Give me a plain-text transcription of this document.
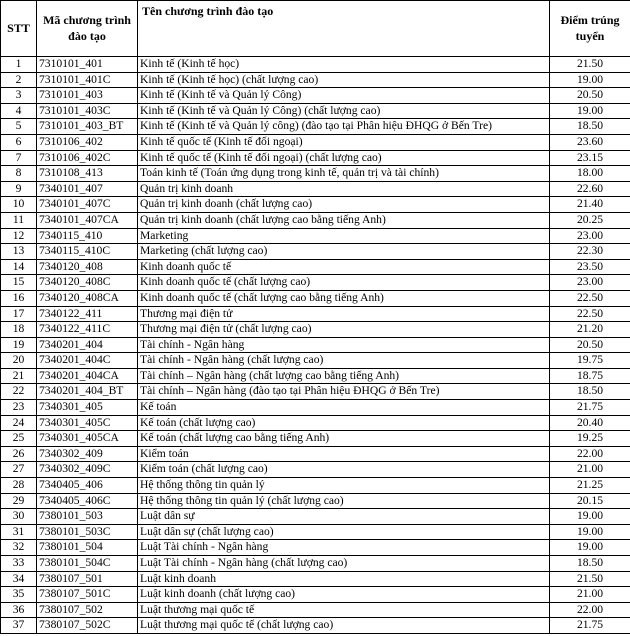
STT	Mã chương trình đào tạo	Tên chương trình đào tạo	Điểm trúng tuyển
1	7310101_401	Kinh tế (Kinh tế học)	21.50
2	7310101_401C	Kinh tế (Kinh tế học) (chất lượng cao)	19.00
3	7310101_403	Kinh tế (Kinh tế và Quản lý Công)	20.50
4	7310101_403C	Kinh tế (Kinh tế và Quản lý Công) (chất lượng cao)	19.00
5	7310101_403_BT	Kinh tế (Kinh tế và Quản lý công) (đào tạo tại Phân hiệu ĐHQG ở Bến Tre)	18.50
6	7310106_402	Kinh tế quốc tế (Kinh tế đối ngoại)	23.60
7	7310106_402C	Kinh tế quốc tế (Kinh tế đối ngoại) (chất lượng cao)	23.15
8	7310108_413	Toán kinh tế (Toán ứng dụng trong kinh tế, quản trị và tài chính)	18.00
9	7340101_407	Quản trị kinh doanh	22.60
10	7340101_407C	Quản trị kinh doanh (chất lượng cao)	21.40
11	7340101_407CA	Quản trị kinh doanh (chất lượng cao bằng tiếng Anh)	20.25
12	7340115_410	Marketing	23.00
13	7340115_410C	Marketing (chất lượng cao)	22.30
14	7340120_408	Kinh doanh quốc tế	23.50
15	7340120_408C	Kinh doanh quốc tế (chất lượng cao)	23.00
16	7340120_408CA	Kinh doanh quốc tế (chất lượng cao bằng tiếng Anh)	22.50
17	7340122_411	Thương mại điện tử	22.50
18	7340122_411C	Thương mại điện tử (chất lượng cao)	21.20
19	7340201_404	Tài chính - Ngân hàng	20.50
20	7340201_404C	Tài chính - Ngân hàng (chất lượng cao)	19.75
21	7340201_404CA	Tài chính – Ngân hàng (chất lượng cao bằng tiếng Anh)	18.75
22	7340201_404_BT	Tài chính – Ngân hàng (đào tạo tại Phân hiệu ĐHQG ở Bến Tre)	18.50
23	7340301_405	Kế toán	21.75
24	7340301_405C	Kế toán (chất lượng cao)	20.40
25	7340301_405CA	Kế toán (chất lượng cao bằng tiếng Anh)	19.25
26	7340302_409	Kiểm toán	22.00
27	7340302_409C	Kiểm toán (chất lượng cao)	21.00
28	7340405_406	Hệ thống thông tin quản lý	21.25
29	7340405_406C	Hệ thống thông tin quản lý (chất lượng cao)	20.15
30	7380101_503	Luật dân sự	19.00
31	7380101_503C	Luật dân sự (chất lượng cao)	19.00
32	7380101_504	Luật Tài chính - Ngân hàng	19.00
33	7380101_504C	Luật Tài chính - Ngân hàng (chất lượng cao)	18.50
34	7380107_501	Luật kinh doanh	21.50
35	7380107_501C	Luật kinh doanh (chất lượng cao)	21.00
36	7380107_502	Luật thương mại quốc tế	22.00
37	7380107_502C	Luật thương mại quốc tế (chất lượng cao)	21.75
